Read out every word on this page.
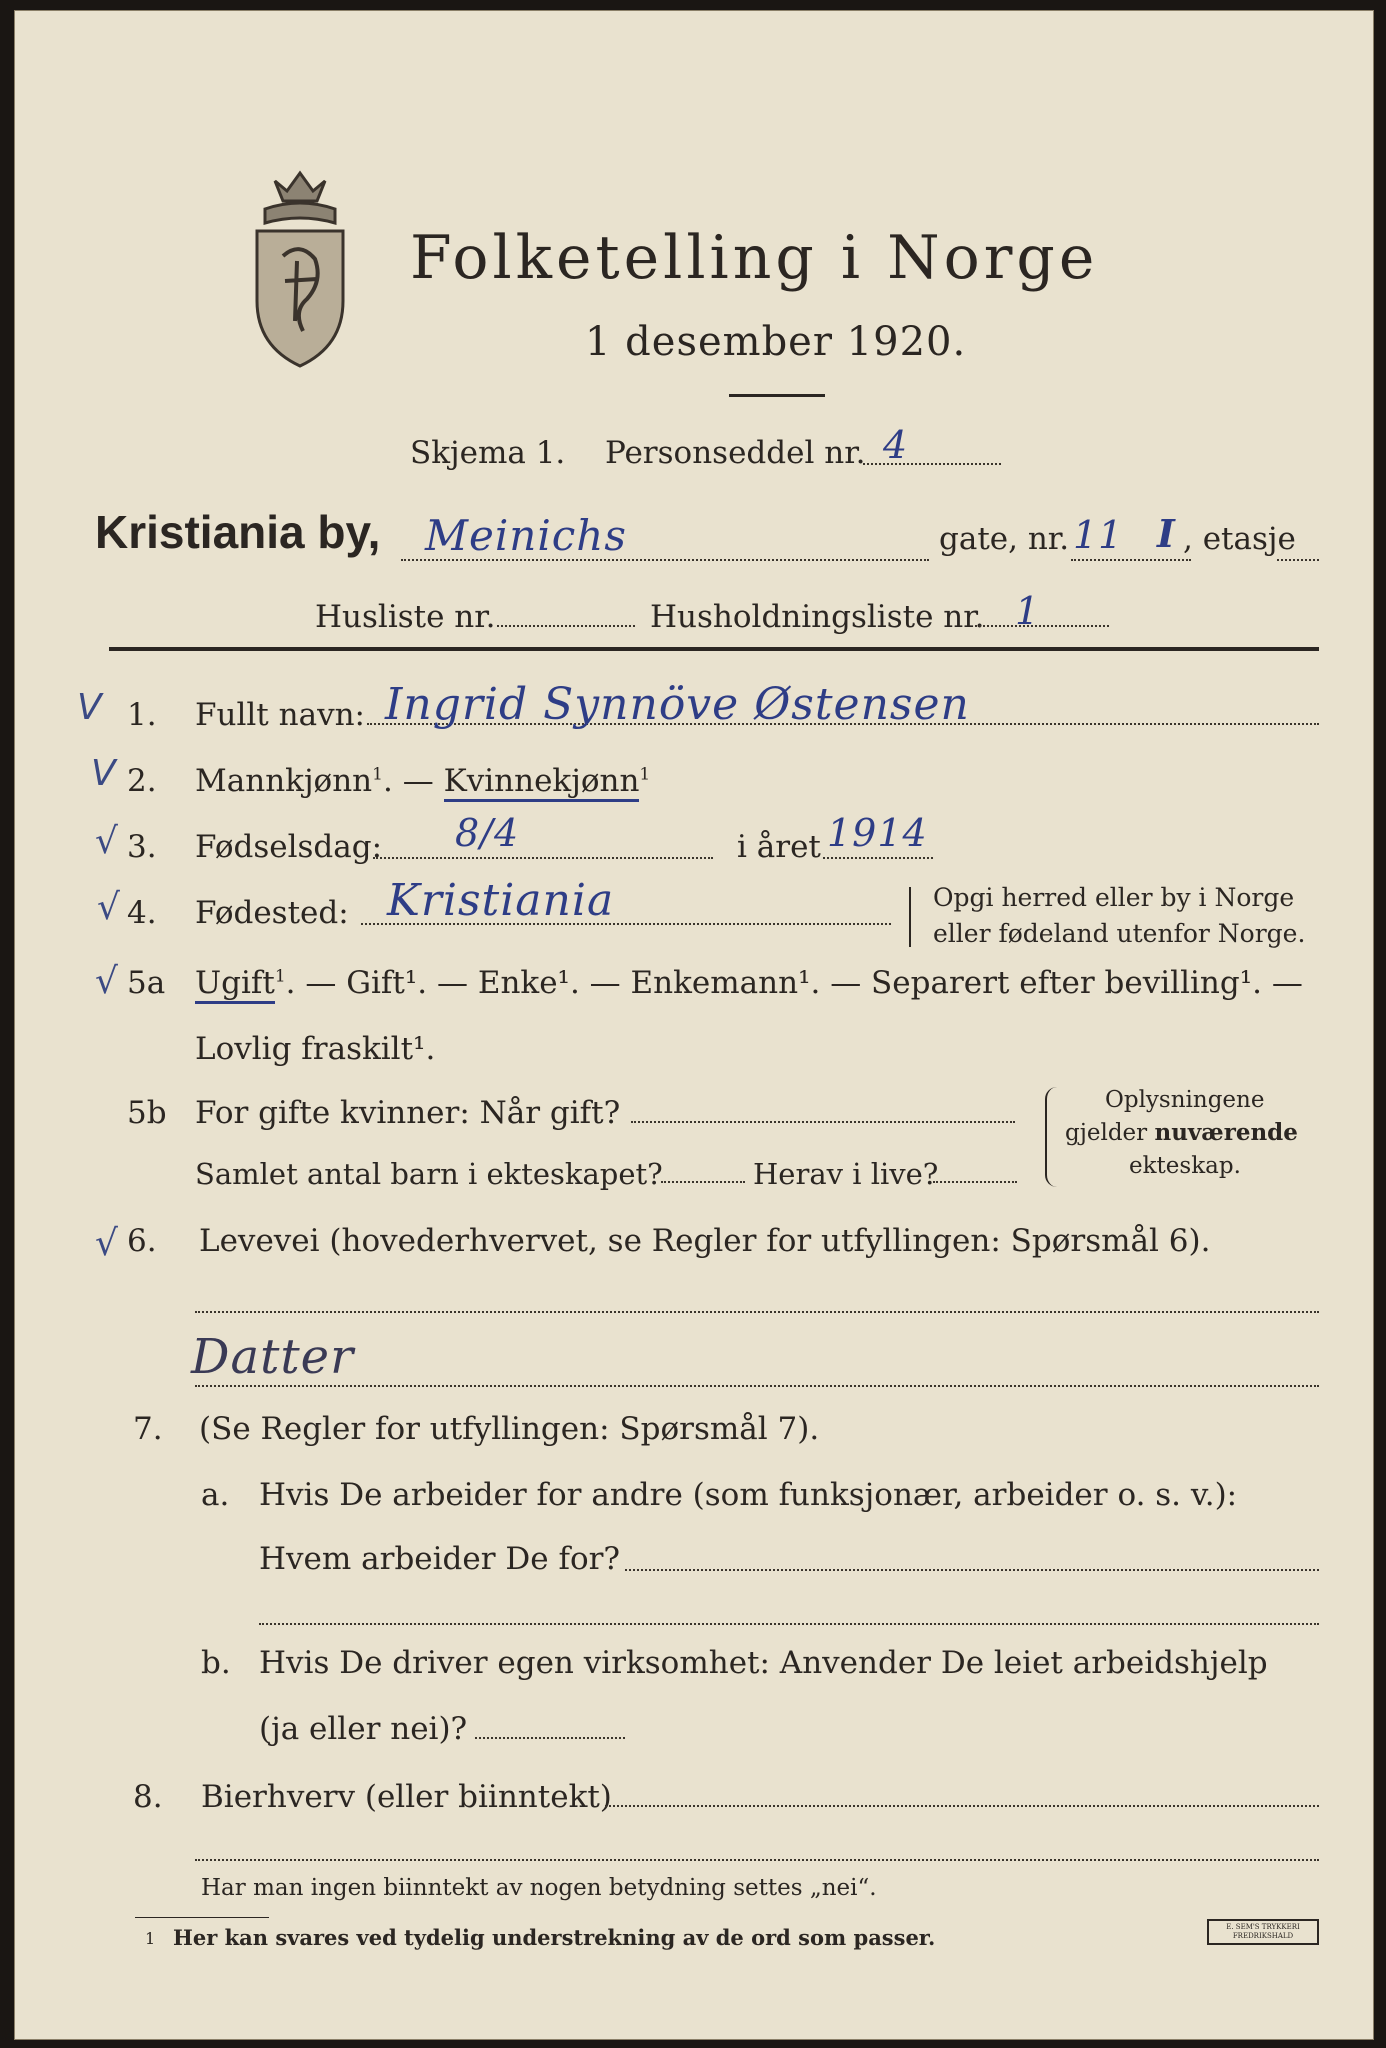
Folketelling i Norge
1 desember 1920.
Skjema 1. Personseddel nr. 4
Kristiania by, Meinichs	gate, nr. 11 I , etasje
Husliste nr.	Husholdningsliste nr. 1
V 1. Fullt navn: Ingrid Synnöve Østensen
V 2. Mannkjønn$^1$. — Kvinnekjønn$^1$
√ 3. Fødselsdag: 8/4	i året 1914
√ 4. Fødested: Kristiania	Opgi herred eller by i Norge
eller fødeland utenfor Norge.
√ 5a Ugift$^1$. — Gift¹. — Enke¹. — Enkemann¹. — Separert efter bevilling¹. —
Lovlig fraskilt¹.
5b For gifte kvinner: Når gift?
Samlet antal barn i ekteskapet?	Herav i live?
Oplysningene
gjelder nuværende
ekteskap.
√ 6. Levevei (hovederhvervet, se Regler for utfyllingen: Spørsmål 6).
Datter
7. (Se Regler for utfyllingen: Spørsmål 7).
a. Hvis De arbeider for andre (som funksjonær, arbeider o. s. v.):
Hvem arbeider De for?
b. Hvis De driver egen virksomhet: Anvender De leiet arbeidshjelp
(ja eller nei)?
8. Bierhverv (eller biinntekt)
Har man ingen biinntekt av nogen betydning settes „nei“.
1 Her kan svares ved tydelig understrekning av de ord som passer.	E. SEM'S TRYKKERI FREDRIKSHALD
